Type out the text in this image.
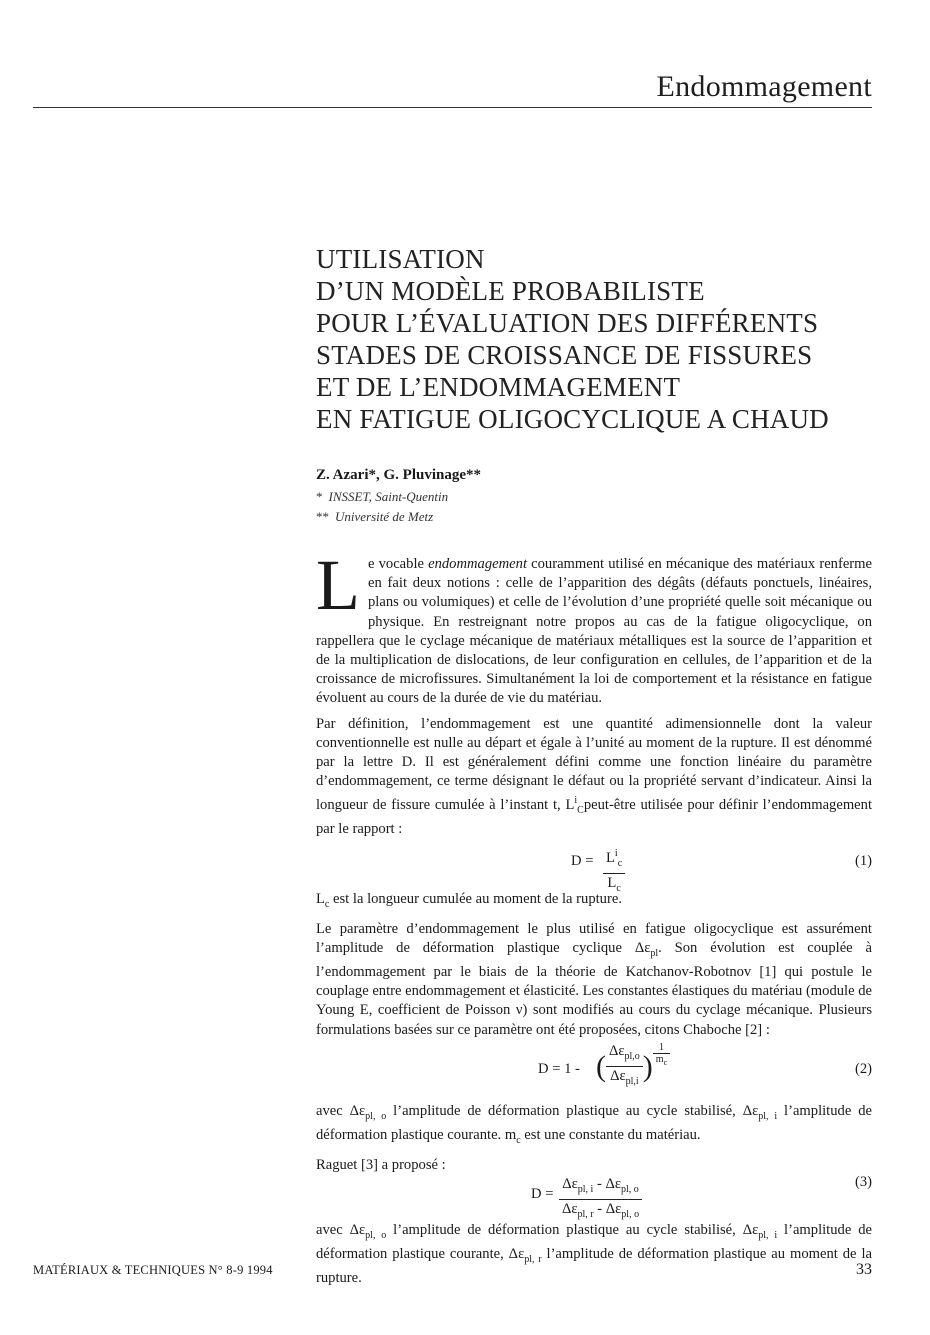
Endommagement
UTILISATION
D’UN MODÈLE PROBABILISTE
POUR L’ÉVALUATION DES DIFFÉRENTS
STADES DE CROISSANCE DE FISSURES
ET DE L’ENDOMMAGEMENT
EN FATIGUE OLIGOCYCLIQUE A CHAUD
Z. Azari*, G. Pluvinage**
* INSSET, Saint-Quentin
** Université de Metz

Le vocable endommagement couramment utilisé en mécanique des matériaux renferme en fait deux notions : celle de l’apparition des dégâts (défauts ponctuels, linéaires, plans ou volumiques) et celle de l’évolution d’une propriété quelle soit mécanique ou physique. En restreignant notre propos au cas de la fatigue oligocyclique, on rappellera que le cyclage mécanique de matériaux métalliques est la source de l’apparition et de la multiplication de dislocations, de leur configuration en cellules, de l’apparition et de la croissance de microfissures. Simultanément la loi de comportement et la résistance en fatigue évoluent au cours de la durée de vie du matériau.

Par définition, l’endommagement est une quantité adimensionnelle dont la valeur conventionnelle est nulle au départ et égale à l’unité au moment de la rupture. Il est dénommé par la lettre D. Il est généralement défini comme une fonction linéaire du paramètre d’endommagement, ce terme désignant le défaut ou la propriété servant d’indicateur. Ainsi la longueur de fissure cumulée à l’instant t, $L^i_Cpeut$-être utilisée pour définir l’endommagement par le rapport :

$D = L^i_c$
$L_c$
(1)

$L_c$ est la longueur cumulée au moment de la rupture.

Le paramètre d’endommagement le plus utilisé en fatigue oligocyclique est assurément l’amplitude de déformation plastique cyclique $\Delta\varepsilon_{pl}$. Son évolution est couplée à l’endommagement par le biais de la théorie de Katchanov-Robotnov [1] qui postule le couplage entre endommagement et élasticité. Les constantes élastiques du matériau (module de Young E, coefficient de Poisson ν) sont modifiés au cours du cyclage mécanique. Plusieurs formulations basées sur ce paramètre ont été proposées, citons Chaboche [2] :

D = 1 - ( $\frac{\Delta\varepsilon_{pl,o}}{\Delta\varepsilon_{pl,i}}$ ) $\frac{1}{m_c}$
(2)

avec $\Delta\varepsilon_{pl, o}$ l’amplitude de déformation plastique au cycle stabilisé, $\Delta\varepsilon_{pl, i}$ l’amplitude de déformation plastique courante. $m_c$ est une constante du matériau.

Raguet [3] a proposé :

D =
$\Delta\varepsilon_{pl, i} - \Delta\varepsilon_{pl, o}$
$\Delta\varepsilon_{pl, r} - \Delta\varepsilon_{pl, o}$
(3)

avec $\Delta\varepsilon_{pl, o}$ l’amplitude de déformation plastique au cycle stabilisé, $\Delta\varepsilon_{pl, i}$ l’amplitude de déformation plastique courante, $\Delta\varepsilon_{pl, r}$ l’amplitude de déformation plastique au moment de la rupture.

MATÉRIAUX & TECHNIQUES N° 8-9 1994	33
